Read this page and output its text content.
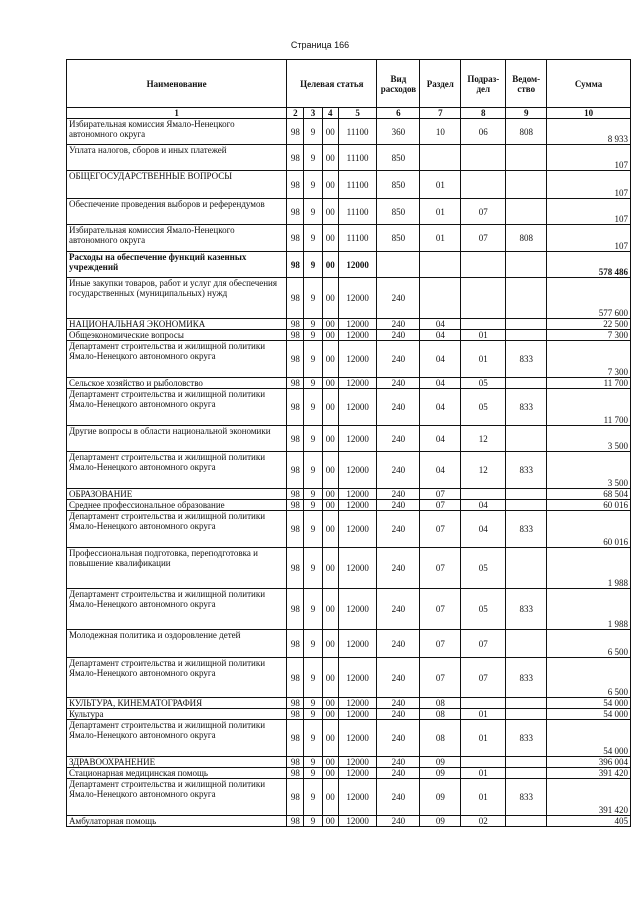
Страница 166
Наименование	Целевая статья				Вид расходов	Раздел	Подраз- дел	Ведом- ство	Сумма
1	2	3	4	5	6	7	8	9	10
Избирательная комиссия Ямало-Ненецкого автономного округа	98	9	00	11100	360	10	06	808	8 933
Уплата налогов, сборов и иных платежей	98	9	00	11100	850				107
ОБЩЕГОСУДАРСТВЕННЫЕ ВОПРОСЫ	98	9	00	11100	850	01			107
Обеспечение проведения выборов и референдумов	98	9	00	11100	850	01	07		107
Избирательная комиссия Ямало-Ненецкого автономного округа	98	9	00	11100	850	01	07	808	107
Расходы на обеспечение функций казенных учреждений	98	9	00	12000					578 486
Иные закупки товаров, работ и услуг для обеспечения государственных (муниципальных) нужд	98	9	00	12000	240				577 600
НАЦИОНАЛЬНАЯ ЭКОНОМИКА	98	9	00	12000	240	04			22 500
Общеэкономические вопросы	98	9	00	12000	240	04	01		7 300
Департамент строительства и жилищной политики Ямало-Ненецкого автономного округа	98	9	00	12000	240	04	01	833	7 300
Сельское хозяйство и рыболовство	98	9	00	12000	240	04	05		11 700
Департамент строительства и жилищной политики Ямало-Ненецкого автономного округа	98	9	00	12000	240	04	05	833	11 700
Другие вопросы в области национальной экономики	98	9	00	12000	240	04	12		3 500
Департамент строительства и жилищной политики Ямало-Ненецкого автономного округа	98	9	00	12000	240	04	12	833	3 500
ОБРАЗОВАНИЕ	98	9	00	12000	240	07			68 504
Среднее профессиональное образование	98	9	00	12000	240	07	04		60 016
Департамент строительства и жилищной политики Ямало-Ненецкого автономного округа	98	9	00	12000	240	07	04	833	60 016
Профессиональная подготовка, переподготовка и повышение квалификации	98	9	00	12000	240	07	05		1 988
Департамент строительства и жилищной политики Ямало-Ненецкого автономного округа	98	9	00	12000	240	07	05	833	1 988
Молодежная политика и оздоровление детей	98	9	00	12000	240	07	07		6 500
Департамент строительства и жилищной политики Ямало-Ненецкого автономного округа	98	9	00	12000	240	07	07	833	6 500
КУЛЬТУРА, КИНЕМАТОГРАФИЯ	98	9	00	12000	240	08			54 000
Культура	98	9	00	12000	240	08	01		54 000
Департамент строительства и жилищной политики Ямало-Ненецкого автономного округа	98	9	00	12000	240	08	01	833	54 000
ЗДРАВООХРАНЕНИЕ	98	9	00	12000	240	09			396 004
Стационарная медицинская помощь	98	9	00	12000	240	09	01		391 420
Департамент строительства и жилищной политики Ямало-Ненецкого автономного округа	98	9	00	12000	240	09	01	833	391 420
Амбулаторная помощь	98	9	00	12000	240	09	02		405
